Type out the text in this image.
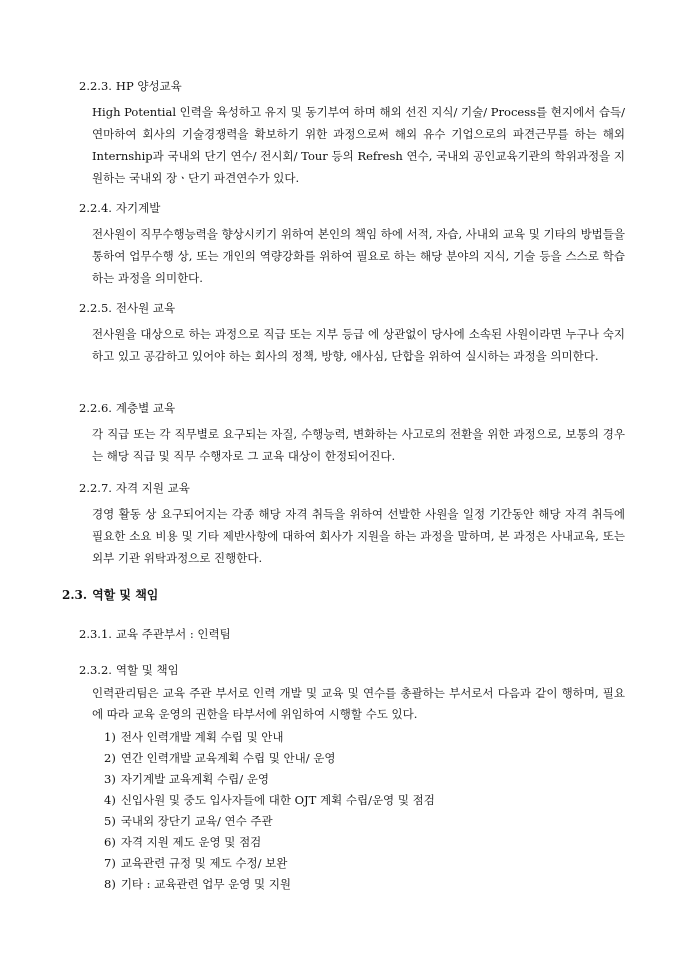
2.2.3. HP 양성교육
High Potential 인력을 육성하고 유지 및 동기부여 하며 해외 선진 지식/ 기술/ Process를 현지에서 습득/연마하여 회사의 기술경쟁력을 확보하기 위한 과정으로써 해외 유수 기업으로의 파견근무를 하는 해외 Internship과 국내외 단기 연수/ 전시회/ Tour 등의 Refresh 연수, 국내외 공인교육기관의 학위과정을 지원하는 국내외 장ㆍ단기 파견연수가 있다.
2.2.4. 자기계발
전사원이 직무수행능력을 향상시키기 위하여 본인의 책임 하에 서적, 자습, 사내외 교육 및 기타의 방법들을 통하여 업무수행 상, 또는 개인의 역량강화를 위하여 필요로 하는 해당 분야의 지식, 기술 등을 스스로 학습하는 과정을 의미한다.
2.2.5. 전사원 교육
전사원을 대상으로 하는 과정으로 직급 또는 지부 등급 에 상관없이 당사에 소속된 사원이라면 누구나 숙지하고 있고 공감하고 있어야 하는 회사의 정책, 방향, 애사심, 단합을 위하여 실시하는 과정을 의미한다.
2.2.6. 계층별 교육
각 직급 또는 각 직무별로 요구되는 자질, 수행능력, 변화하는 사고로의 전환을 위한 과정으로, 보통의 경우는 해당 직급 및 직무 수행자로 그 교육 대상이 한정되어진다.
2.2.7. 자격 지원 교육
경영 활동 상 요구되어지는 각종 해당 자격 취득을 위하여 선발한 사원을 일정 기간동안 해당 자격 취득에 필요한 소요 비용 및 기타 제반사항에 대하여 회사가 지원을 하는 과정을 말하며, 본 과정은 사내교육, 또는 외부 기관 위탁과정으로 진행한다.
2.3. 역할 및 책임
2.3.1. 교육 주관부서 : 인력팀
2.3.2. 역할 및 책임
인력관리팀은 교육 주관 부서로 인력 개발 및 교육 및 연수를 총괄하는 부서로서 다음과 같이 행하며, 필요에 따라 교육 운영의 권한을 타부서에 위임하여 시행할 수도 있다.
1) 전사 인력개발 계획 수립 및 안내
2) 연간 인력개발 교육계획 수립 및 안내/ 운영
3) 자기계발 교육계획 수립/ 운영
4) 신입사원 및 중도 입사자들에 대한 OJT 계획 수립/운영 및 점검
5) 국내외 장단기 교육/ 연수 주관
6) 자격 지원 제도 운영 및 점검
7) 교육관련 규정 및 제도 수정/ 보완
8) 기타 : 교육관련 업무 운영 및 지원
